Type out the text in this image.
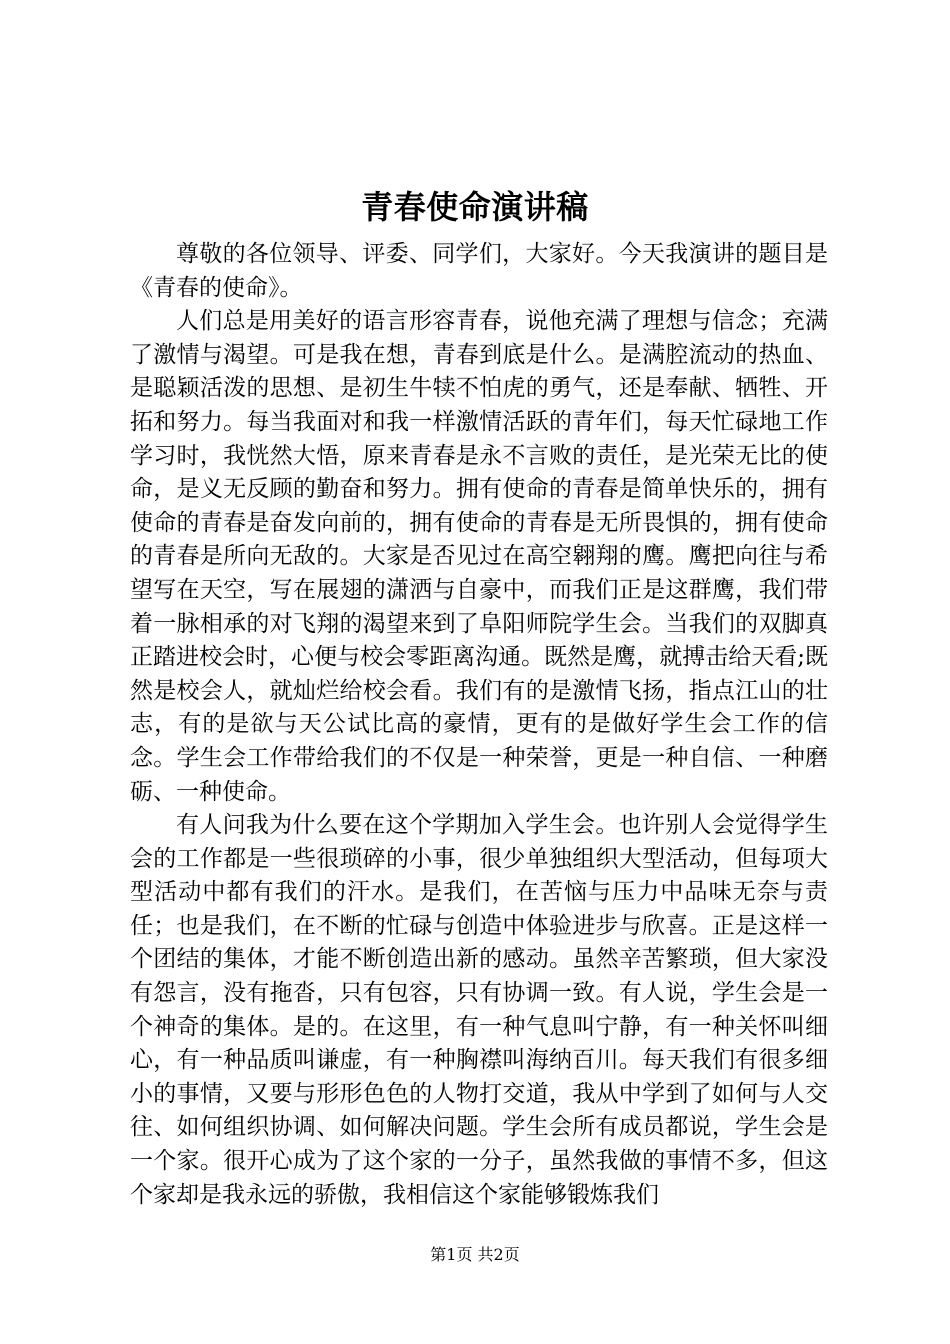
青春使命演讲稿

尊敬的各位领导、评委、同学们，大家好。今天我演讲的题目是《青春的使命》。

人们总是用美好的语言形容青春，说他充满了理想与信念；充满了激情与渴望。可是我在想，青春到底是什么。是满腔流动的热血、是聪颖活泼的思想、是初生牛犊不怕虎的勇气，还是奉献、牺牲、开拓和努力。每当我面对和我一样激情活跃的青年们，每天忙碌地工作学习时，我恍然大悟，原来青春是永不言败的责任，是光荣无比的使命，是义无反顾的勤奋和努力。拥有使命的青春是简单快乐的，拥有使命的青春是奋发向前的，拥有使命的青春是无所畏惧的，拥有使命的青春是所向无敌的。大家是否见过在高空翱翔的鹰。鹰把向往与希望写在天空，写在展翅的潇洒与自豪中，而我们正是这群鹰，我们带着一脉相承的对飞翔的渴望来到了阜阳师院学生会。当我们的双脚真正踏进校会时，心便与校会零距离沟通。既然是鹰，就搏击给天看;既然是校会人，就灿烂给校会看。我们有的是激情飞扬，指点江山的壮志，有的是欲与天公试比高的豪情，更有的是做好学生会工作的信念。学生会工作带给我们的不仅是一种荣誉，更是一种自信、一种磨砺、一种使命。

有人问我为什么要在这个学期加入学生会。也许别人会觉得学生会的工作都是一些很琐碎的小事，很少单独组织大型活动，但每项大型活动中都有我们的汗水。是我们，在苦恼与压力中品味无奈与责任；也是我们，在不断的忙碌与创造中体验进步与欣喜。正是这样一个团结的集体，才能不断创造出新的感动。虽然辛苦繁琐，但大家没有怨言，没有拖沓，只有包容，只有协调一致。有人说，学生会是一个神奇的集体。是的。在这里，有一种气息叫宁静，有一种关怀叫细心，有一种品质叫谦虚，有一种胸襟叫海纳百川。每天我们有很多细小的事情，又要与形形色色的人物打交道，我从中学到了如何与人交往、如何组织协调、如何解决问题。学生会所有成员都说，学生会是一个家。很开心成为了这个家的一分子，虽然我做的事情不多，但这个家却是我永远的骄傲，我相信这个家能够锻炼我们

第1页 共2页
